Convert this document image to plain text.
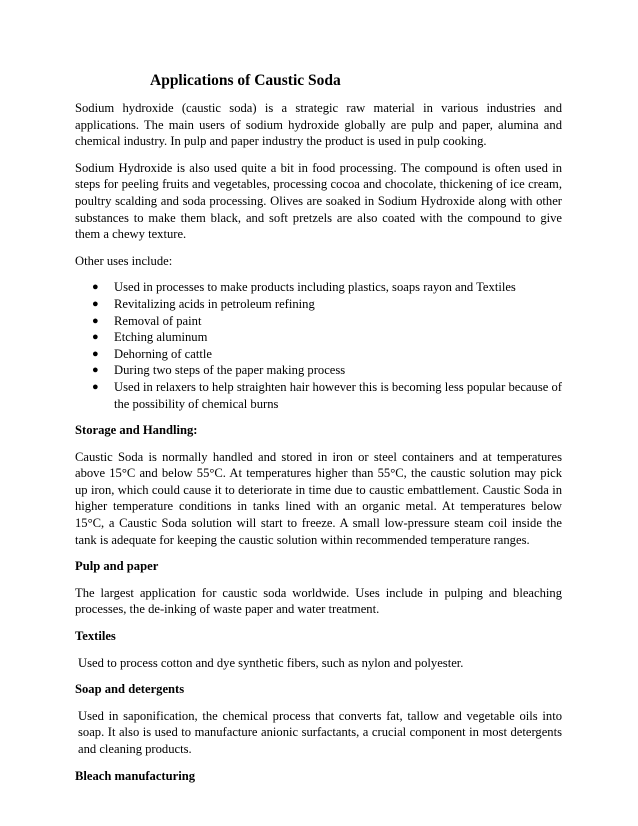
Applications of Caustic Soda

Sodium hydroxide (caustic soda) is a strategic raw material in various industries and applications. The main users of sodium hydroxide globally are pulp and paper, alumina and chemical industry. In pulp and paper industry the product is used in pulp cooking.

Sodium Hydroxide is also used quite a bit in food processing. The compound is often used in steps for peeling fruits and vegetables, processing cocoa and chocolate, thickening of ice cream, poultry scalding and soda processing. Olives are soaked in Sodium Hydroxide along with other substances to make them black, and soft pretzels are also coated with the compound to give them a chewy texture.

Other uses include:

● Used in processes to make products including plastics, soaps rayon and Textiles
● Revitalizing acids in petroleum refining
● Removal of paint
● Etching aluminum
● Dehorning of cattle
● During two steps of the paper making process
● Used in relaxers to help straighten hair however this is becoming less popular because of the possibility of chemical burns
Storage and Handling:

Caustic Soda is normally handled and stored in iron or steel containers and at temperatures above 15°C and below 55°C. At temperatures higher than 55°C, the caustic solution may pick up iron, which could cause it to deteriorate in time due to caustic embattlement. Caustic Soda in higher temperature conditions in tanks lined with an organic metal. At temperatures below 15°C, a Caustic Soda solution will start to freeze. A small low-pressure steam coil inside the tank is adequate for keeping the caustic solution within recommended temperature ranges.

Pulp and paper

The largest application for caustic soda worldwide. Uses include in pulping and bleaching processes, the de-inking of waste paper and water treatment.

Textiles

Used to process cotton and dye synthetic fibers, such as nylon and polyester.

Soap and detergents

Used in saponification, the chemical process that converts fat, tallow and vegetable oils into soap. It also is used to manufacture anionic surfactants, a crucial component in most detergents and cleaning products.

Bleach manufacturing
